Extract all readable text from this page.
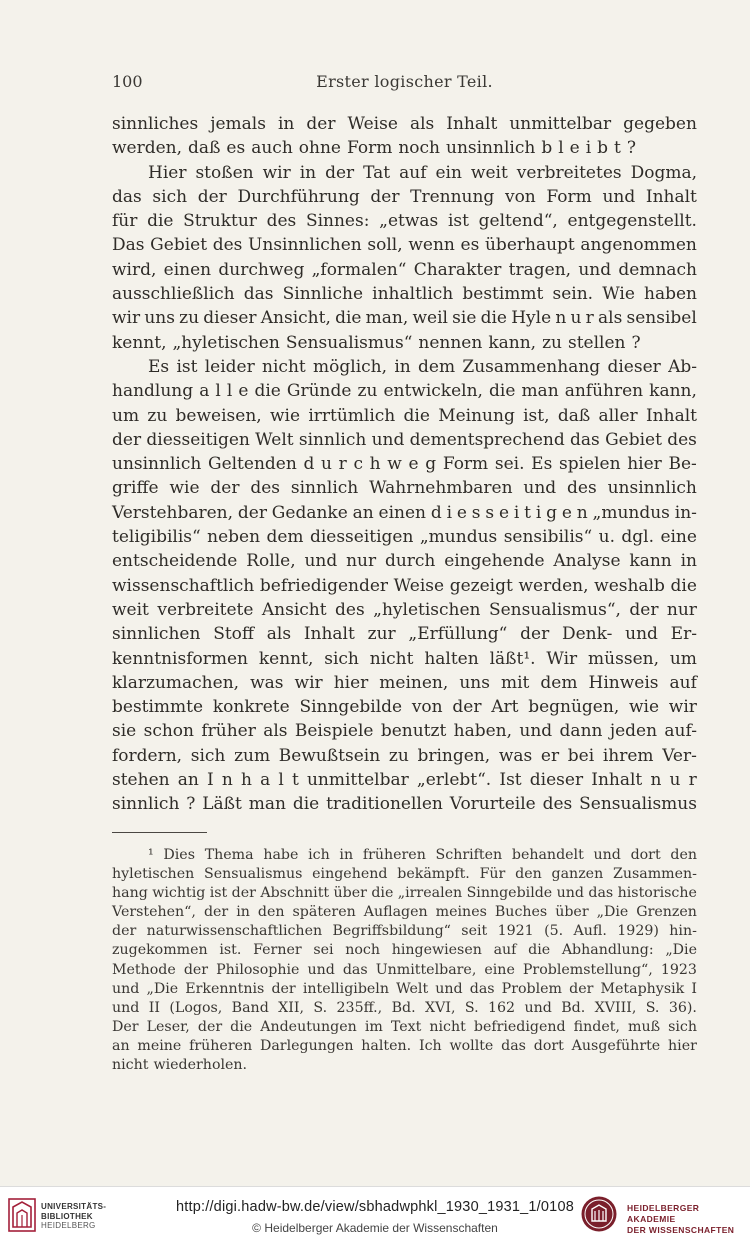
100	Erster logischer Teil.
sinnliches jemals in der Weise als Inhalt unmittelbar gegeben
werden, daß es auch ohne Form noch unsinnlich b l e i b t ?
Hier stoßen wir in der Tat auf ein weit verbreitetes Dogma,
das sich der Durchführung der Trennung von Form und Inhalt
für die Struktur des Sinnes: „etwas ist geltend“, entgegenstellt.
Das Gebiet des Unsinnlichen soll, wenn es überhaupt angenommen
wird, einen durchweg „formalen“ Charakter tragen, und demnach
ausschließlich das Sinnliche inhaltlich bestimmt sein. Wie haben
wir uns zu dieser Ansicht, die man, weil sie die Hyle n u r als sensibel
kennt, „hyletischen Sensualismus“ nennen kann, zu stellen ?
Es ist leider nicht möglich, in dem Zusammenhang dieser Ab-
handlung a l l e die Gründe zu entwickeln, die man anführen kann,
um zu beweisen, wie irrtümlich die Meinung ist, daß aller Inhalt
der diesseitigen Welt sinnlich und dementsprechend das Gebiet des
unsinnlich Geltenden d u r c h w e g Form sei. Es spielen hier Be-
griffe wie der des sinnlich Wahrnehmbaren und des unsinnlich
Verstehbaren, der Gedanke an einen d i e s s e i t i g e n „mundus in-
teligibilis“ neben dem diesseitigen „mundus sensibilis“ u. dgl. eine
entscheidende Rolle, und nur durch eingehende Analyse kann in
wissenschaftlich befriedigender Weise gezeigt werden, weshalb die
weit verbreitete Ansicht des „hyletischen Sensualismus“, der nur
sinnlichen Stoff als Inhalt zur „Erfüllung“ der Denk- und Er-
kenntnisformen kennt, sich nicht halten läßt¹. Wir müssen, um
klarzumachen, was wir hier meinen, uns mit dem Hinweis auf
bestimmte konkrete Sinngebilde von der Art begnügen, wie wir
sie schon früher als Beispiele benutzt haben, und dann jeden auf-
fordern, sich zum Bewußtsein zu bringen, was er bei ihrem Ver-
stehen an I n h a l t unmittelbar „erlebt“. Ist dieser Inhalt n u r
sinnlich ? Läßt man die traditionellen Vorurteile des Sensualismus
¹ Dies Thema habe ich in früheren Schriften behandelt und dort den
hyletischen Sensualismus eingehend bekämpft. Für den ganzen Zusammen-
hang wichtig ist der Abschnitt über die „irrealen Sinngebilde und das historische
Verstehen“, der in den späteren Auflagen meines Buches über „Die Grenzen
der naturwissenschaftlichen Begriffsbildung“ seit 1921 (5. Aufl. 1929) hin-
zugekommen ist. Ferner sei noch hingewiesen auf die Abhandlung: „Die
Methode der Philosophie und das Unmittelbare, eine Problemstellung“, 1923
und „Die Erkenntnis der intelligibeln Welt und das Problem der Metaphysik I
und II (Logos, Band XII, S. 235ff., Bd. XVI, S. 162 und Bd. XVIII, S. 36).
Der Leser, der die Andeutungen im Text nicht befriedigend findet, muß sich
an meine früheren Darlegungen halten. Ich wollte das dort Ausgeführte hier
nicht wiederholen.
UNIVERSITÄTS-
BIBLIOTHEK
HEIDELBERG
http://digi.hadw-bw.de/view/sbhadwphkl_1930_1931_1/0108
© Heidelberger Akademie der Wissenschaften
HEIDELBERGER AKADEMIE
DER WISSENSCHAFTEN
